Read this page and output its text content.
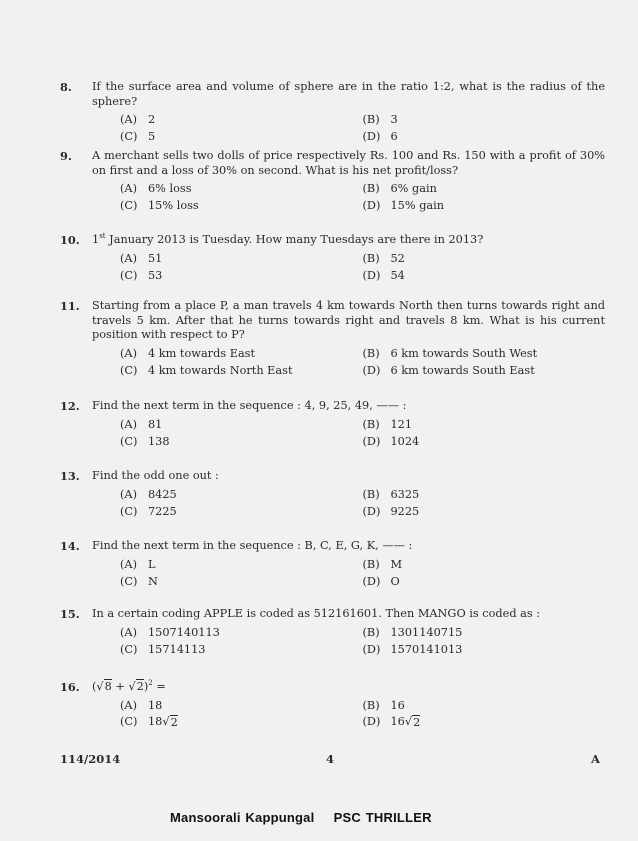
8.	If the surface area and volume of sphere are in the ratio 1:2, what is the radius of the sphere?
(A) 2	(B) 3
(C) 5	(D) 6
9.	A merchant sells two dolls of price respectively Rs. 100 and Rs. 150 with a profit of 30% on first and a loss of 30% on second. What is his net profit/loss?
(A) 6% loss	(B) 6% gain
(C) 15% loss	(D) 15% gain
10.	1st January 2013 is Tuesday. How many Tuesdays are there in 2013?
(A) 51	(B) 52
(C) 53	(D) 54
11.	Starting from a place P, a man travels 4 km towards North then turns towards right and travels 5 km. After that he turns towards right and travels 8 km. What is his current position with respect to P?
(A) 4 km towards East	(B) 6 km towards South West
(C) 4 km towards North East	(D) 6 km towards South East
12.	Find the next term in the sequence : 4, 9, 25, 49, —— :
(A) 81	(B) 121
(C) 138	(D) 1024
13.	Find the odd one out :
(A) 8425	(B) 6325
(C) 7225	(D) 9225
14.	Find the next term in the sequence : B, C, E, G, K, —— :
(A) L	(B) M
(C) N	(D) O
15.	In a certain coding APPLE is coded as 512161601. Then MANGO is coded as :
(A) 1507140113	(B) 1301140715
(C) 15714113	(D) 1570141013
16.	$(√8 + √2)^2$ =
(A) 18	(B) 16
(C) 18√ 2	(D) 16√ 2
114/2014	4	A
Mansoorali Kappungal    PSC THRILLER
